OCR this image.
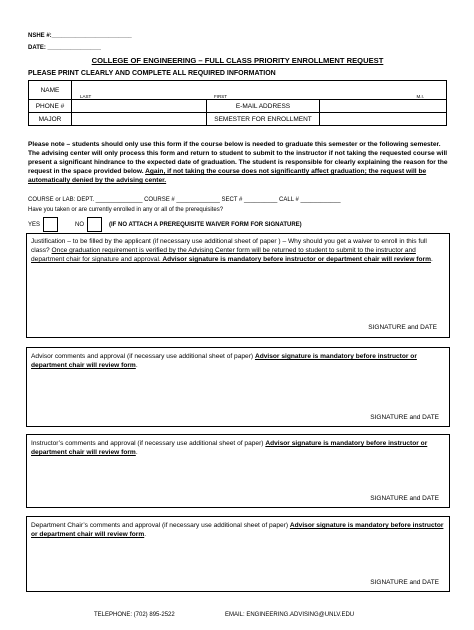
NSHE #:________________________
DATE: ________________
COLLEGE OF ENGINEERING – FULL CLASS PRIORITY ENROLLMENT REQUEST
PLEASE PRINT CLEARLY AND COMPLETE ALL REQUIRED INFORMATION
NAME	LAST FIRST M.I.		

PHONE #		E-MAIL ADDRESS	
MAJOR		SEMESTER FOR ENROLLMENT	
Please note – students should only use this form if the course below is needed to graduate this semester or the following semester. The advising center will only process this form and return to student to submit to the instructor if not taking the requested course will present a significant hindrance to the expected date of graduation. The student is responsible for clearly explaining the reason for the request in the space provided below. Again, if not taking the course does not significantly affect graduation; the request will be automatically denied by the advising center.
COURSE or LAB: DEPT. ______________ COURSE # _____________ SECT # __________ CALL # ____________
Have you taken or are currently enrolled in any or all of the prerequisites?
YES	NO	(IF NO ATTACH A PREREQUISITE WAIVER FORM FOR SIGNATURE)
Justification – to be filled by the applicant (if necessary use additional sheet of paper ) – Why should you get a waiver to enroll in this full class? Once graduation requirement is verified by the Advising Center form will be returned to student to submit to the instructor and department chair for signature and approval. Advisor signature is mandatory before instructor or department chair will review form.
SIGNATURE and DATE
Advisor comments and approval (if necessary use additional sheet of paper) Advisor signature is mandatory before instructor or department chair will review form.
SIGNATURE and DATE
Instructor’s comments and approval (if necessary use additional sheet of paper) Advisor signature is mandatory before instructor or department chair will review form.
SIGNATURE and DATE
Department Chair’s comments and approval (if necessary use additional sheet of paper) Advisor signature is mandatory before instructor or department chair will review form.
SIGNATURE and DATE
TELEPHONE: (702) 895-2522	EMAIL: ENGINEERING.ADVISING@UNLV.EDU
